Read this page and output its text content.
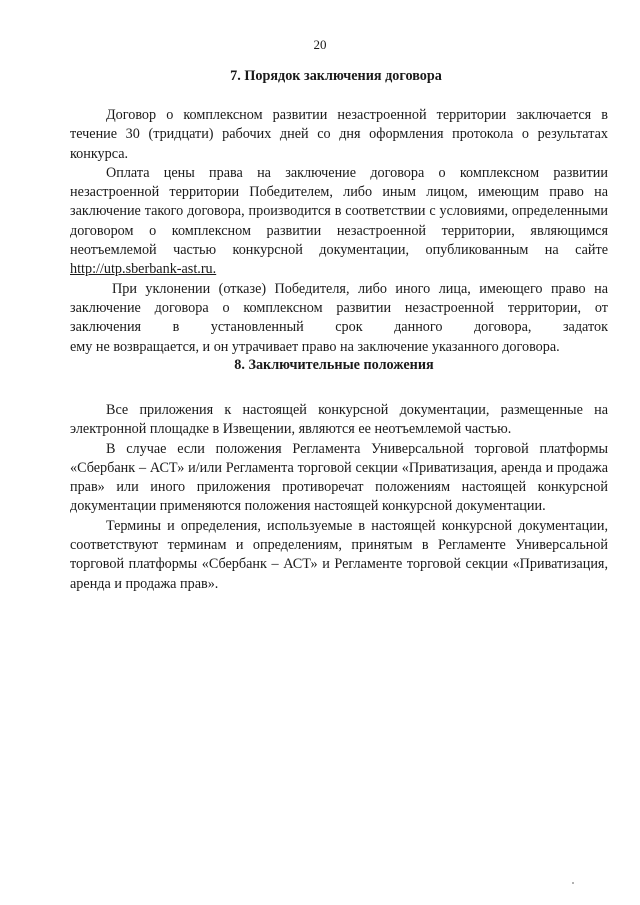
20
7. Порядок заключения договора

Договор о комплексном развитии незастроенной территории заключается в течение 30 (тридцати) рабочих дней со дня оформления протокола о результатах конкурса.

Оплата цены права на заключение договора о комплексном развитии незастроенной территории Победителем, либо иным лицом, имеющим право на заключение такого договора, производится в соответствии с условиями, определенными договором о комплексном развитии незастроенной территории, являющимся неотъемлемой частью конкурсной документации, опубликованным на сайте http://utp.sberbank-ast.ru.

При уклонении (отказе) Победителя, либо иного лица, имеющего право на заключение договора о комплексном развитии незастроенной территории, от заключения в установленный срок данного договора, задаток

ему не возвращается, и он утрачивает право на заключение указанного договора.

8. Заключительные положения

Все приложения к настоящей конкурсной документации, размещенные на электронной площадке в Извещении, являются ее неотъемлемой частью.

В случае если положения Регламента Универсальной торговой платформы «Сбербанк – АСТ» и/или Регламента торговой секции «Приватизация, аренда и продажа прав» или иного приложения противоречат положениям настоящей конкурсной документации применяются положения настоящей конкурсной документации.

Термины и определения, используемые в настоящей конкурсной документации, соответствуют терминам и определениям, принятым в Регламенте Универсальной торговой платформы «Сбербанк – АСТ» и Регламенте торговой секции «Приватизация, аренда и продажа прав».
